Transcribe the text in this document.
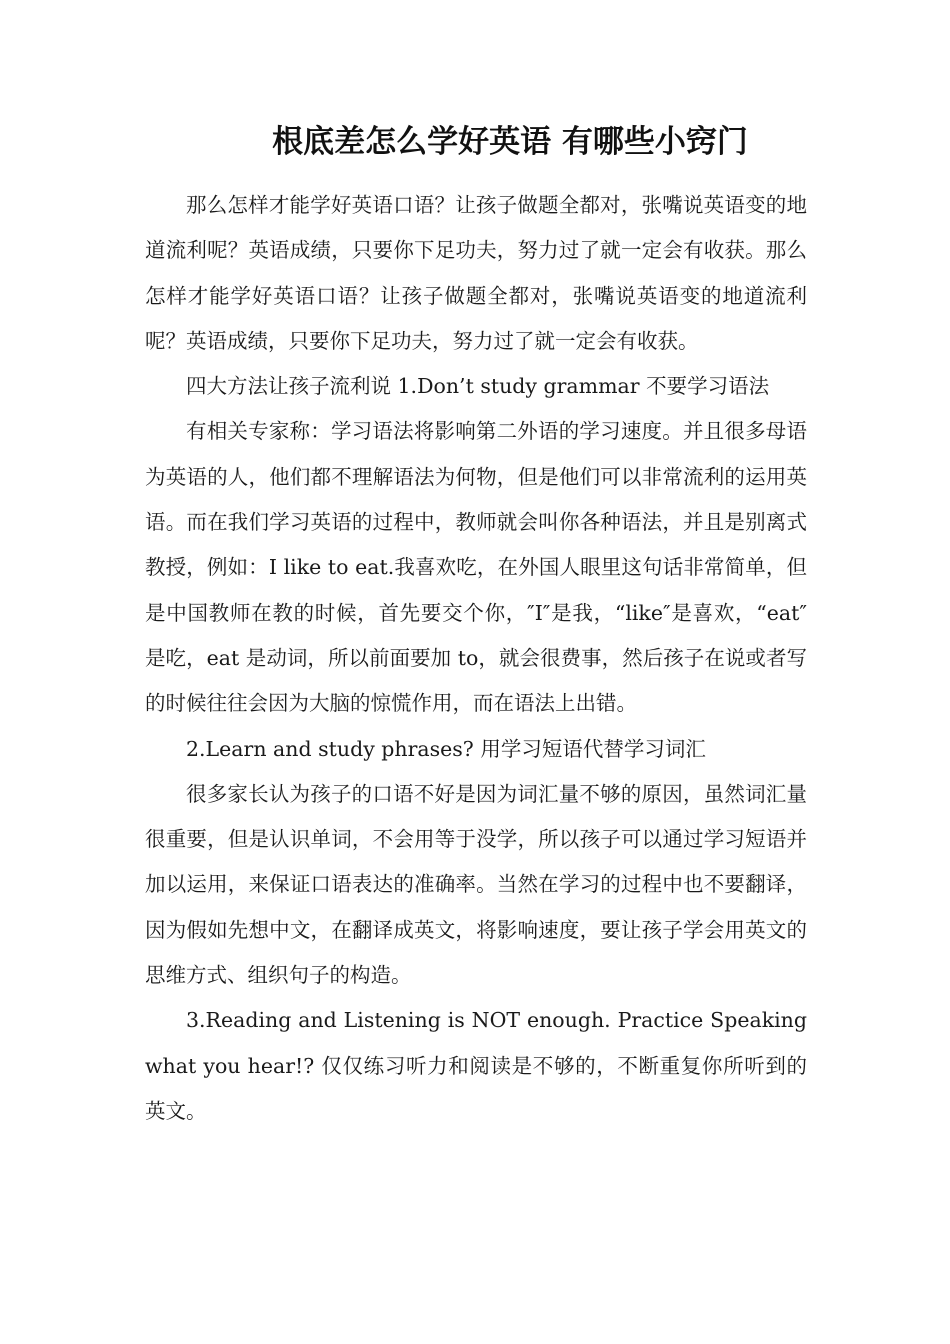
根底差怎么学好英语 有哪些小窍门

那么怎样才能学好英语口语？让孩子做题全都对，张嘴说英语变的地道流利呢？英语成绩，只要你下足功夫，努力过了就一定会有收获。那么怎样才能学好英语口语？让孩子做题全都对，张嘴说英语变的地道流利呢？英语成绩，只要你下足功夫，努力过了就一定会有收获。

四大方法让孩子流利说 1.Don’t study grammar 不要学习语法

有相关专家称：学习语法将影响第二外语的学习速度。并且很多母语为英语的人，他们都不理解语法为何物，但是他们可以非常流利的运用英语。而在我们学习英语的过程中，教师就会叫你各种语法，并且是别离式教授，例如：I like to eat.我喜欢吃，在外国人眼里这句话非常简单，但是中国教师在教的时候，首先要交个你，″I″是我，“like″是喜欢，“eat″是吃，eat 是动词，所以前面要加 to，就会很费事，然后孩子在说或者写的时候往往会因为大脑的惊慌作用，而在语法上出错。

2.Learn and study phrases? 用学习短语代替学习词汇

很多家长认为孩子的口语不好是因为词汇量不够的原因，虽然词汇量很重要，但是认识单词，不会用等于没学，所以孩子可以通过学习短语并加以运用，来保证口语表达的准确率。当然在学习的过程中也不要翻译，因为假如先想中文，在翻译成英文，将影响速度，要让孩子学会用英文的思维方式、组织句子的构造。

3.Reading and Listening is NOT enough. Practice Speaking what you hear!? 仅仅练习听力和阅读是不够的，不断重复你所听到的英文。
